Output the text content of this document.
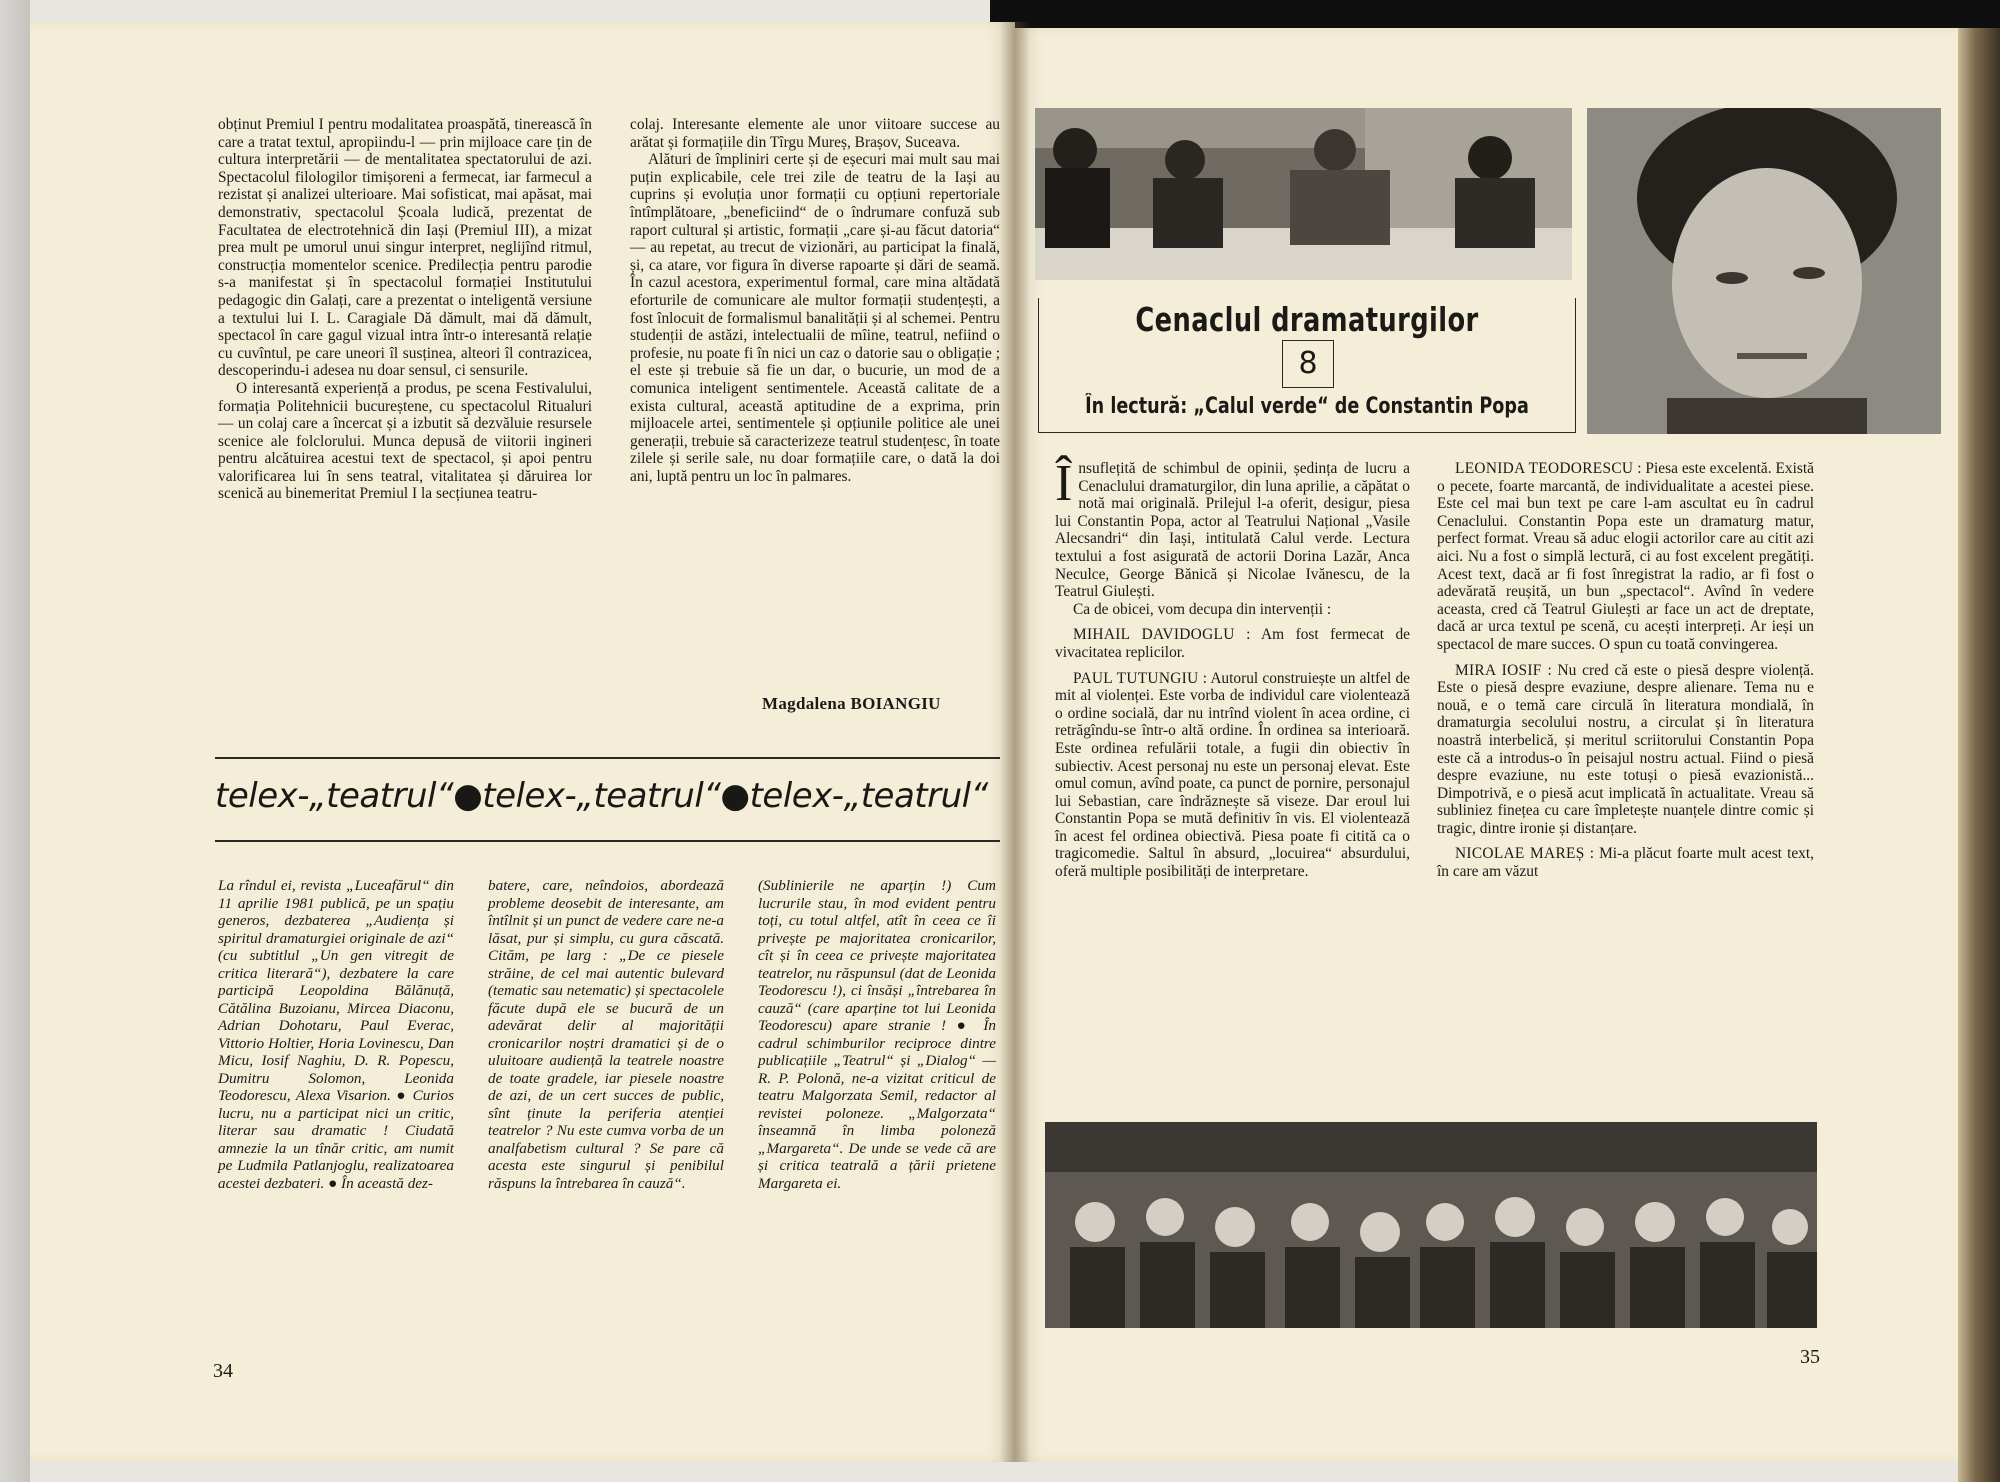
obținut Premiul I pentru modalitatea proaspătă, tinerească în care a tratat textul, apropiindu-l — prin mijloace care țin de cultura interpretării — de mentalitatea spectatorului de azi. Spectacolul filologilor timișoreni a fermecat, iar farmecul a rezistat și analizei ulterioare. Mai sofisticat, mai apăsat, mai demonstrativ, spectacolul Școala ludică, prezentat de Facultatea de electrotehnică din Iași (Premiul III), a mizat prea mult pe umorul unui singur interpret, neglijînd ritmul, construcția momentelor scenice. Predilecția pentru parodie s-a manifestat și în spectacolul formației Institutului pedagogic din Galați, care a prezentat o inteligentă versiune a textului lui I. L. Caragiale Dă dămult, mai dă dămult, spectacol în care gagul vizual intra într-o interesantă relație cu cuvîntul, pe care uneori îl susținea, alteori îl contrazicea, descoperindu-i adesea nu doar sensul, ci sensurile.

O interesantă experiență a produs, pe scena Festivalului, formația Politehnicii bucureștene, cu spectacolul Ritualuri — un colaj care a încercat și a izbutit să dezvăluie resursele scenice ale folclorului. Munca depusă de viitorii ingineri pentru alcătuirea acestui text de spectacol, și apoi pentru valorificarea lui în sens teatral, vitalitatea și dăruirea lor scenică au binemeritat Premiul I la secțiunea teatru-

colaj. Interesante elemente ale unor viitoare succese au arătat și formațiile din Tîrgu Mureș, Brașov, Suceava.

Alături de împliniri certe și de eșecuri mai mult sau mai puțin explicabile, cele trei zile de teatru de la Iași au cuprins și evoluția unor formații cu opțiuni repertoriale întîmplătoare, „beneficiind“ de o îndrumare confuză sub raport cultural și artistic, formații „care și-au făcut datoria“ — au repetat, au trecut de vizionări, au participat la finală, și, ca atare, vor figura în diverse rapoarte și dări de seamă. În cazul acestora, experimentul formal, care mina altădată eforturile de comunicare ale multor formații studențești, a fost înlocuit de formalismul banalității și al schemei. Pentru studenții de astăzi, intelectualii de mîine, teatrul, nefiind o profesie, nu poate fi în nici un caz o datorie sau o obligație ; el este și trebuie să fie un dar, o bucurie, un mod de a comunica inteligent sentimentele. Această calitate de a exista cultural, această aptitudine de a exprima, prin mijloacele artei, sentimentele și opțiunile politice ale unei generații, trebuie să caracterizeze teatrul studențesc, în toate zilele și serile sale, nu doar formațiile care, o dată la doi ani, luptă pentru un loc în palmares.

Magdalena BOIANGIU
telex-„teatrul“●telex-„teatrul“●telex-„teatrul“

La rîndul ei, revista „Luceafărul“ din 11 aprilie 1981 publică, pe un spațiu generos, dezbaterea „Audiența și spiritul dramaturgiei originale de azi“ (cu subtitlul „Un gen vitregit de critica literară“), dezbatere la care participă Leopoldina Bălănuță, Cătălina Buzoianu, Mircea Diaconu, Adrian Dohotaru, Paul Everac, Vittorio Holtier, Horia Lovinescu, Dan Micu, Iosif Naghiu, D. R. Popescu, Dumitru Solomon, Leonida Teodorescu, Alexa Visarion. ● Curios lucru, nu a participat nici un critic, literar sau dramatic ! Ciudată amnezie la un tînăr critic, am numit pe Ludmila Patlanjoglu, realizatoarea acestei dezbateri. ● În această dez-

batere, care, neîndoios, abordează probleme deosebit de interesante, am întîlnit și un punct de vedere care ne-a lăsat, pur și simplu, cu gura căscată. Cităm, pe larg : „De ce piesele străine, de cel mai autentic bulevard (tematic sau netematic) și spectacolele făcute după ele se bucură de un adevărat delir al majorității cronicarilor noștri dramatici și de o uluitoare audiență la teatrele noastre de toate gradele, iar piesele noastre de azi, de un cert succes de public, sînt ținute la periferia atenției teatrelor ? Nu este cumva vorba de un analfabetism cultural ? Se pare că acesta este singurul și penibilul răspuns la întrebarea în cauză“.

(Sublinierile ne aparțin !) Cum lucrurile stau, în mod evident pentru toți, cu totul altfel, atît în ceea ce îi privește pe majoritatea cronicarilor, cît și în ceea ce privește majoritatea teatrelor, nu răspunsul (dat de Leonida Teodorescu !), ci însăși „întrebarea în cauză“ (care aparține tot lui Leonida Teodorescu) apare stranie ! ● În cadrul schimburilor reciproce dintre publicațiile „Teatrul“ și „Dialog“ — R. P. Polonă, ne-a vizitat criticul de teatru Malgorzata Semil, redactor al revistei poloneze. „Malgorzata“ înseamnă în limba poloneză „Margareta“. De unde se vede că are și critica teatrală a țării prietene Margareta ei.

34
Cenaclul dramaturgilor
8
În lectură: „Calul verde“ de Constantin Popa

Însuflețită de schimbul de opinii, ședința de lucru a Cenaclului dramaturgilor, din luna aprilie, a căpătat o notă mai originală. Prilejul l-a oferit, desigur, piesa lui Constantin Popa, actor al Teatrului Național „Vasile Alecsandri“ din Iași, intitulată Calul verde. Lectura textului a fost asigurată de actorii Dorina Lazăr, Anca Neculce, George Bănică și Nicolae Ivănescu, de la Teatrul Giulești.

Ca de obicei, vom decupa din intervenții :

MIHAIL DAVIDOGLU : Am fost fermecat de vivacitatea replicilor.

PAUL TUTUNGIU : Autorul construiește un altfel de mit al violenței. Este vorba de individul care violentează o ordine socială, dar nu intrînd violent în acea ordine, ci retrăgîndu-se într-o altă ordine. În ordinea sa interioară. Este ordinea refulării totale, a fugii din obiectiv în subiectiv. Acest personaj nu este un personaj elevat. Este omul comun, avînd poate, ca punct de pornire, personajul lui Sebastian, care îndrăznește să viseze. Dar eroul lui Constantin Popa se mută definitiv în vis. El violentează în acest fel ordinea obiectivă. Piesa poate fi citită ca o tragicomedie. Saltul în absurd, „locuirea“ absurdului, oferă multiple posibilități de interpretare.

LEONIDA TEODORESCU : Piesa este excelentă. Există o pecete, foarte marcantă, de individualitate a acestei piese. Este cel mai bun text pe care l-am ascultat eu în cadrul Cenaclului. Constantin Popa este un dramaturg matur, perfect format. Vreau să aduc elogii actorilor care au citit azi aici. Nu a fost o simplă lectură, ci au fost excelent pregătiți. Acest text, dacă ar fi fost înregistrat la radio, ar fi fost o adevărată reușită, un bun „spectacol“. Avînd în vedere aceasta, cred că Teatrul Giulești ar face un act de dreptate, dacă ar urca textul pe scenă, cu acești interpreți. Ar ieși un spectacol de mare succes. O spun cu toată convingerea.

MIRA IOSIF : Nu cred că este o piesă despre violență. Este o piesă despre evaziune, despre alienare. Tema nu e nouă, e o temă care circulă în literatura mondială, în dramaturgia secolului nostru, a circulat și în literatura noastră interbelică, și meritul scriitorului Constantin Popa este că a introdus-o în peisajul nostru actual. Fiind o piesă despre evaziune, nu este totuși o piesă evazionistă... Dimpotrivă, e o piesă acut implicată în actualitate. Vreau să subliniez finețea cu care împletește nuanțele dintre comic și tragic, dintre ironie și distanțare.

NICOLAE MAREȘ : Mi-a plăcut foarte mult acest text, în care am văzut

35
